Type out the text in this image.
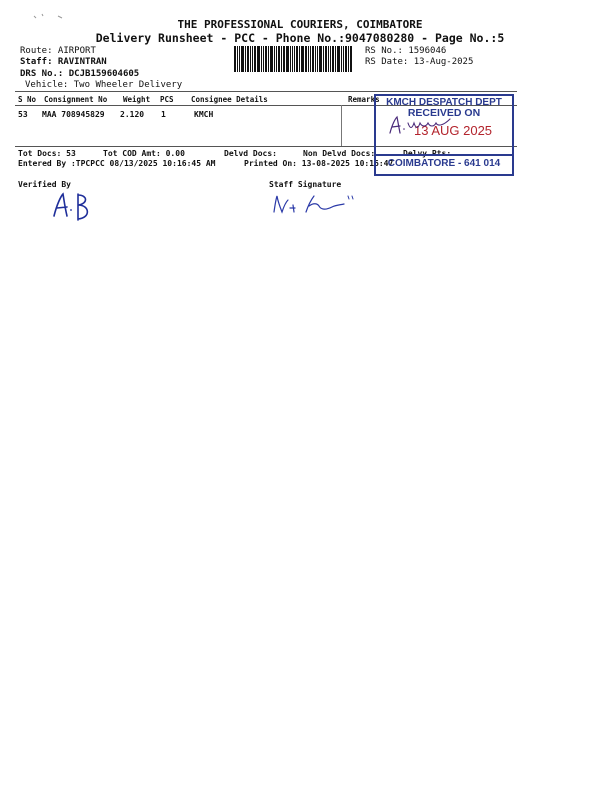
THE PROFESSIONAL COURIERS, COIMBATORE
Delivery Runsheet - PCC - Phone No.:9047080280 - Page No.:5
Route: AIRPORT
Staff: RAVINTRAN
DRS No.: DCJB159604605
Vehicle: Two Wheeler Delivery
RS No.: 1596046
RS Date: 13-Aug-2025
S No Consignment No Weight PCS Consignee Details	Remarks
53 MAA 708945829 2.120 1	KMCH
Tot Docs: 53	Tot COD Amt: 0.00	Delvd Docs:	Non Delvd Docs:
Entered By :TPCPCC 08/13/2025 10:16:45 AM	Printed On: 13-08-2025 10:16:47
Verified By	Staff Signature
KMCH DESPATCH DEPT
RECEIVED ON
13 AUG 2025
COIMBATORE - 641 014
